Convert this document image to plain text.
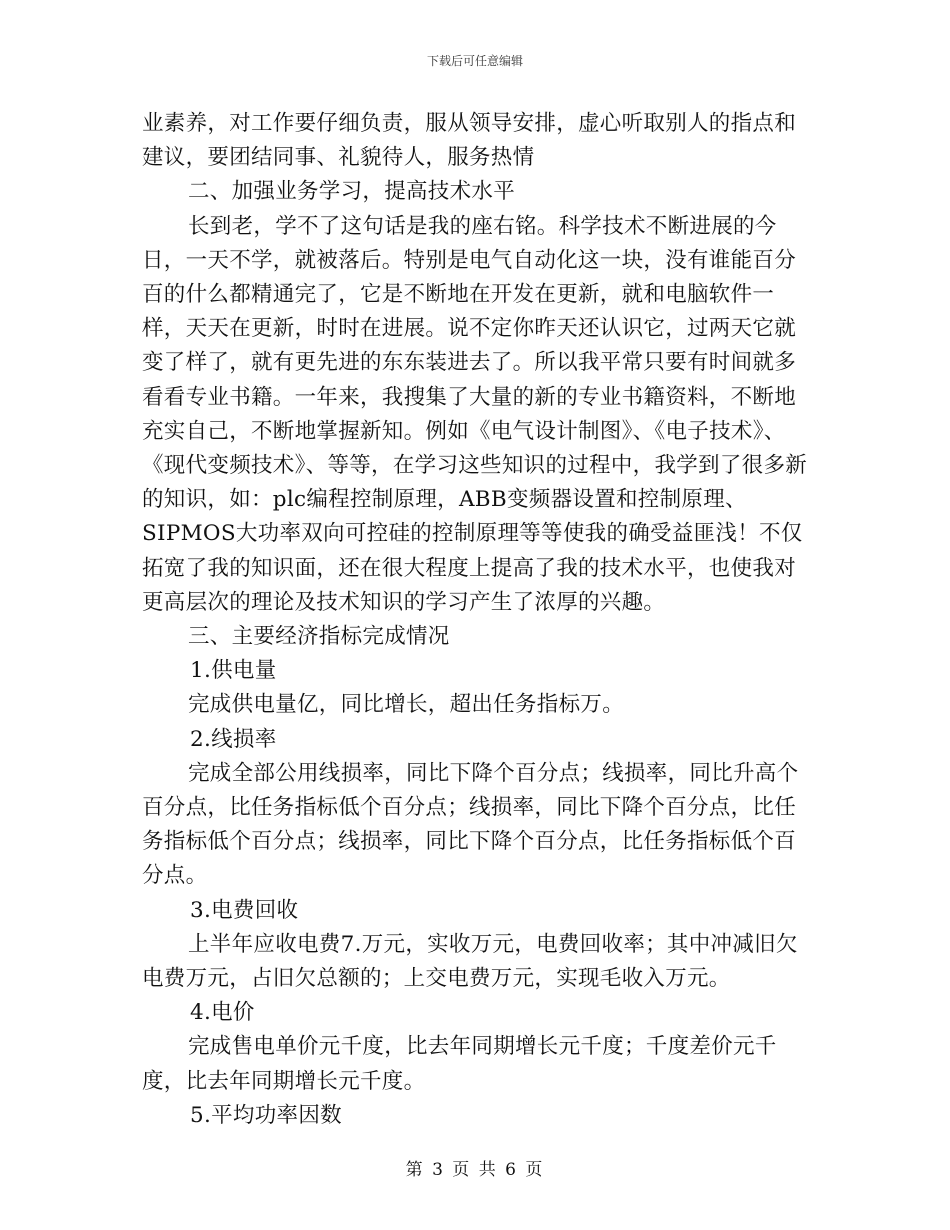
下载后可任意编辑

业素养，对工作要仔细负责，服从领导安排，虚心听取别人的指点和建议，要团结同事、礼貌待人，服务热情

二、加强业务学习，提高技术水平

长到老，学不了这句话是我的座右铭。科学技术不断进展的今日，一天不学，就被落后。特别是电气自动化这一块，没有谁能百分百的什么都精通完了，它是不断地在开发在更新，就和电脑软件一样，天天在更新，时时在进展。说不定你昨天还认识它，过两天它就变了样了，就有更先进的东东装进去了。所以我平常只要有时间就多看看专业书籍。一年来，我搜集了大量的新的专业书籍资料，不断地充实自己，不断地掌握新知。例如《电气设计制图》、《电子技术》、《现代变频技术》、等等，在学习这些知识的过程中，我学到了很多新的知识，如：plc编程控制原理，ABB变频器设置和控制原理、SIPMOS大功率双向可控硅的控制原理等等使我的确受益匪浅！不仅拓宽了我的知识面，还在很大程度上提高了我的技术水平，也使我对更高层次的理论及技术知识的学习产生了浓厚的兴趣。

三、主要经济指标完成情况

1.供电量

完成供电量亿，同比增长，超出任务指标万。

2.线损率

完成全部公用线损率，同比下降个百分点；线损率，同比升高个百分点，比任务指标低个百分点；线损率，同比下降个百分点，比任务指标低个百分点；线损率，同比下降个百分点，比任务指标低个百分点。

3.电费回收

上半年应收电费7.万元，实收万元，电费回收率；其中冲减旧欠电费万元，占旧欠总额的；上交电费万元，实现毛收入万元。

4.电价

完成售电单价元千度，比去年同期增长元千度；千度差价元千度，比去年同期增长元千度。

5.平均功率因数

第 3 页 共 6 页
